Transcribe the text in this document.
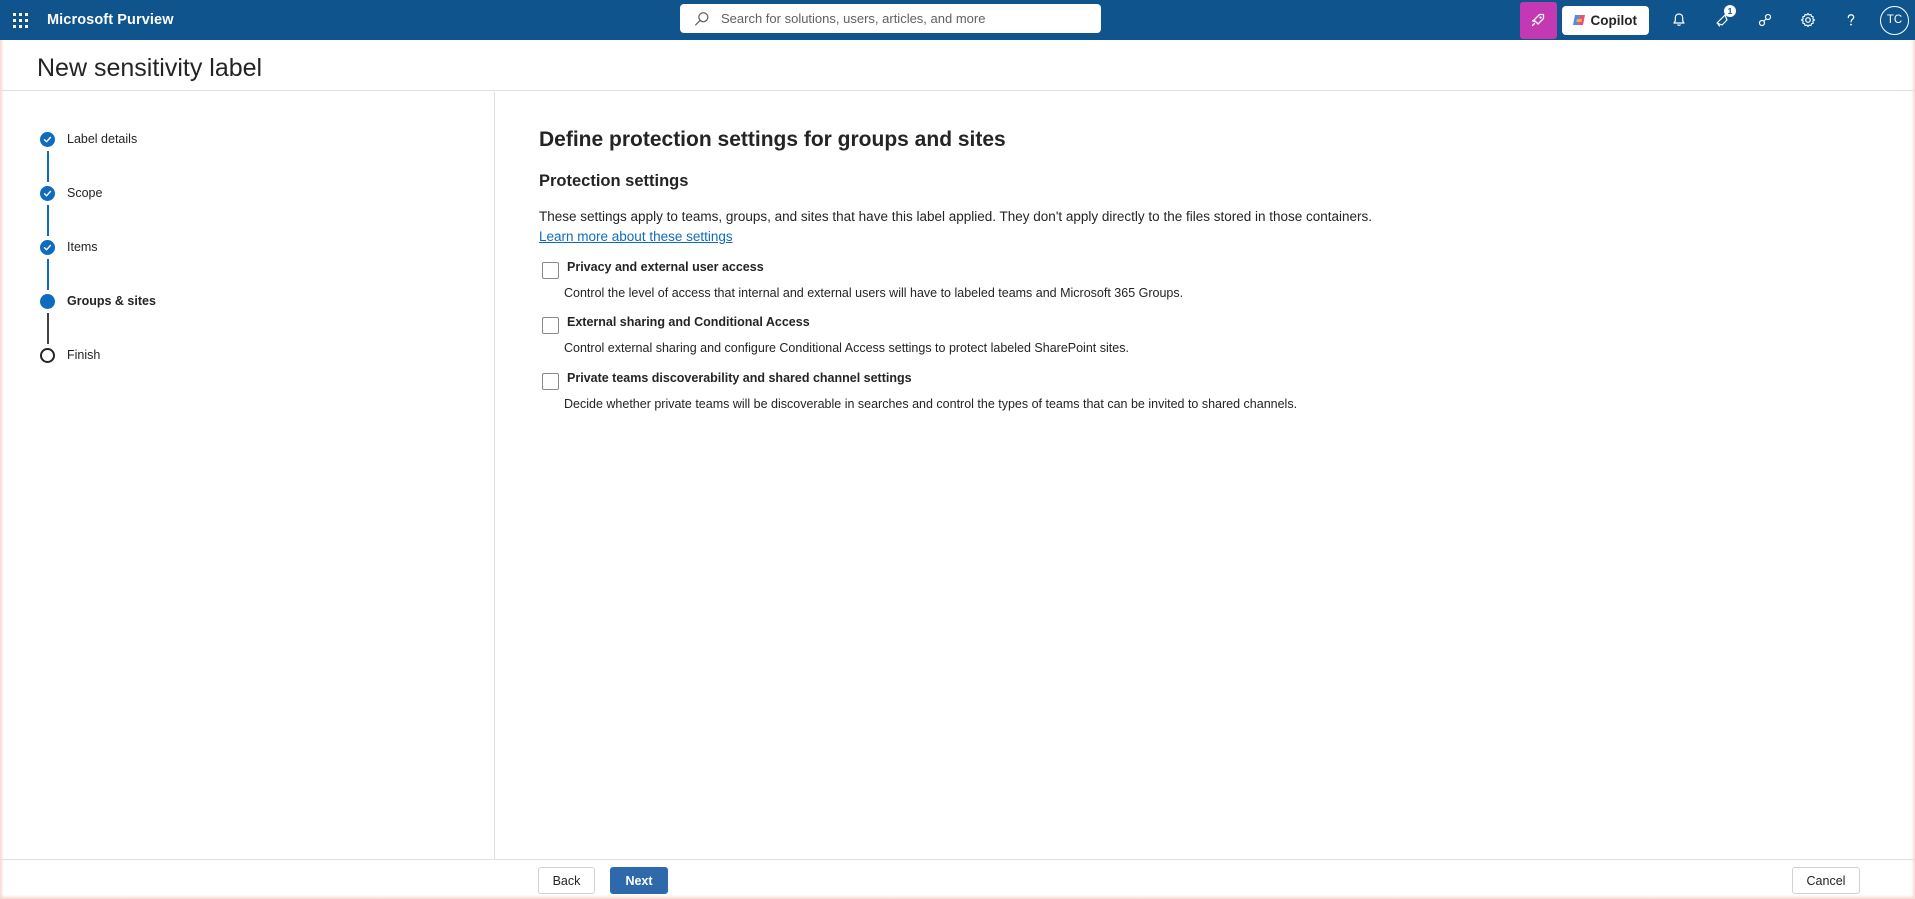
Microsoft Purview	Search for solutions, users, articles, and more	Copilot
1
TC
New sensitivity label
Label details
Scope
Items
Groups & sites
Finish
Define protection settings for groups and sites
Protection settings

These settings apply to teams, groups, and sites that have this label applied. They don't apply directly to the files stored in those containers.

Learn more about these settings
Privacy and external user access
Control the level of access that internal and external users will have to labeled teams and Microsoft 365 Groups.
External sharing and Conditional Access
Control external sharing and configure Conditional Access settings to protect labeled SharePoint sites.
Private teams discoverability and shared channel settings
Decide whether private teams will be discoverable in searches and control the types of teams that can be invited to shared channels.
Back	Next	Cancel
